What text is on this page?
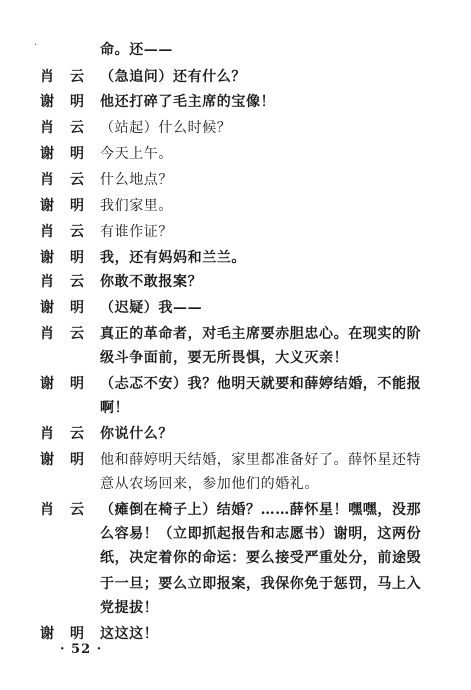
·	命。还——
肖云 （急追问）还有什么？
谢明 他还打碎了毛主席的宝像！
肖云 （站起）什么时候？
谢明 今天上午。
肖云 什么地点？
谢明 我们家里。
肖云 有谁作证？
谢明 我，还有妈妈和兰兰。
肖云 你敢不敢报案？
谢明 （迟疑）我——
肖云 真正的革命者，对毛主席要赤胆忠心。在现实的阶
级斗争面前，要无所畏惧，大义灭亲！
谢明 （忐忑不安）我？他明天就要和薛婷结婚，不能报
啊！
肖云 你说什么？
谢明 他和薛婷明天结婚，家里都准备好了。薛怀星还特
意从农场回来，参加他们的婚礼。
肖云 （瘫倒在椅子上）结婚？……薛怀星！嘿嘿，没那
么容易！（立即抓起报告和志愿书）谢明，这两份
纸，决定着你的命运：要么接受严重处分，前途毁
于一旦；要么立即报案，我保你免于惩罚，马上入
党提拔！
谢明 这这这！
· 52 ·
